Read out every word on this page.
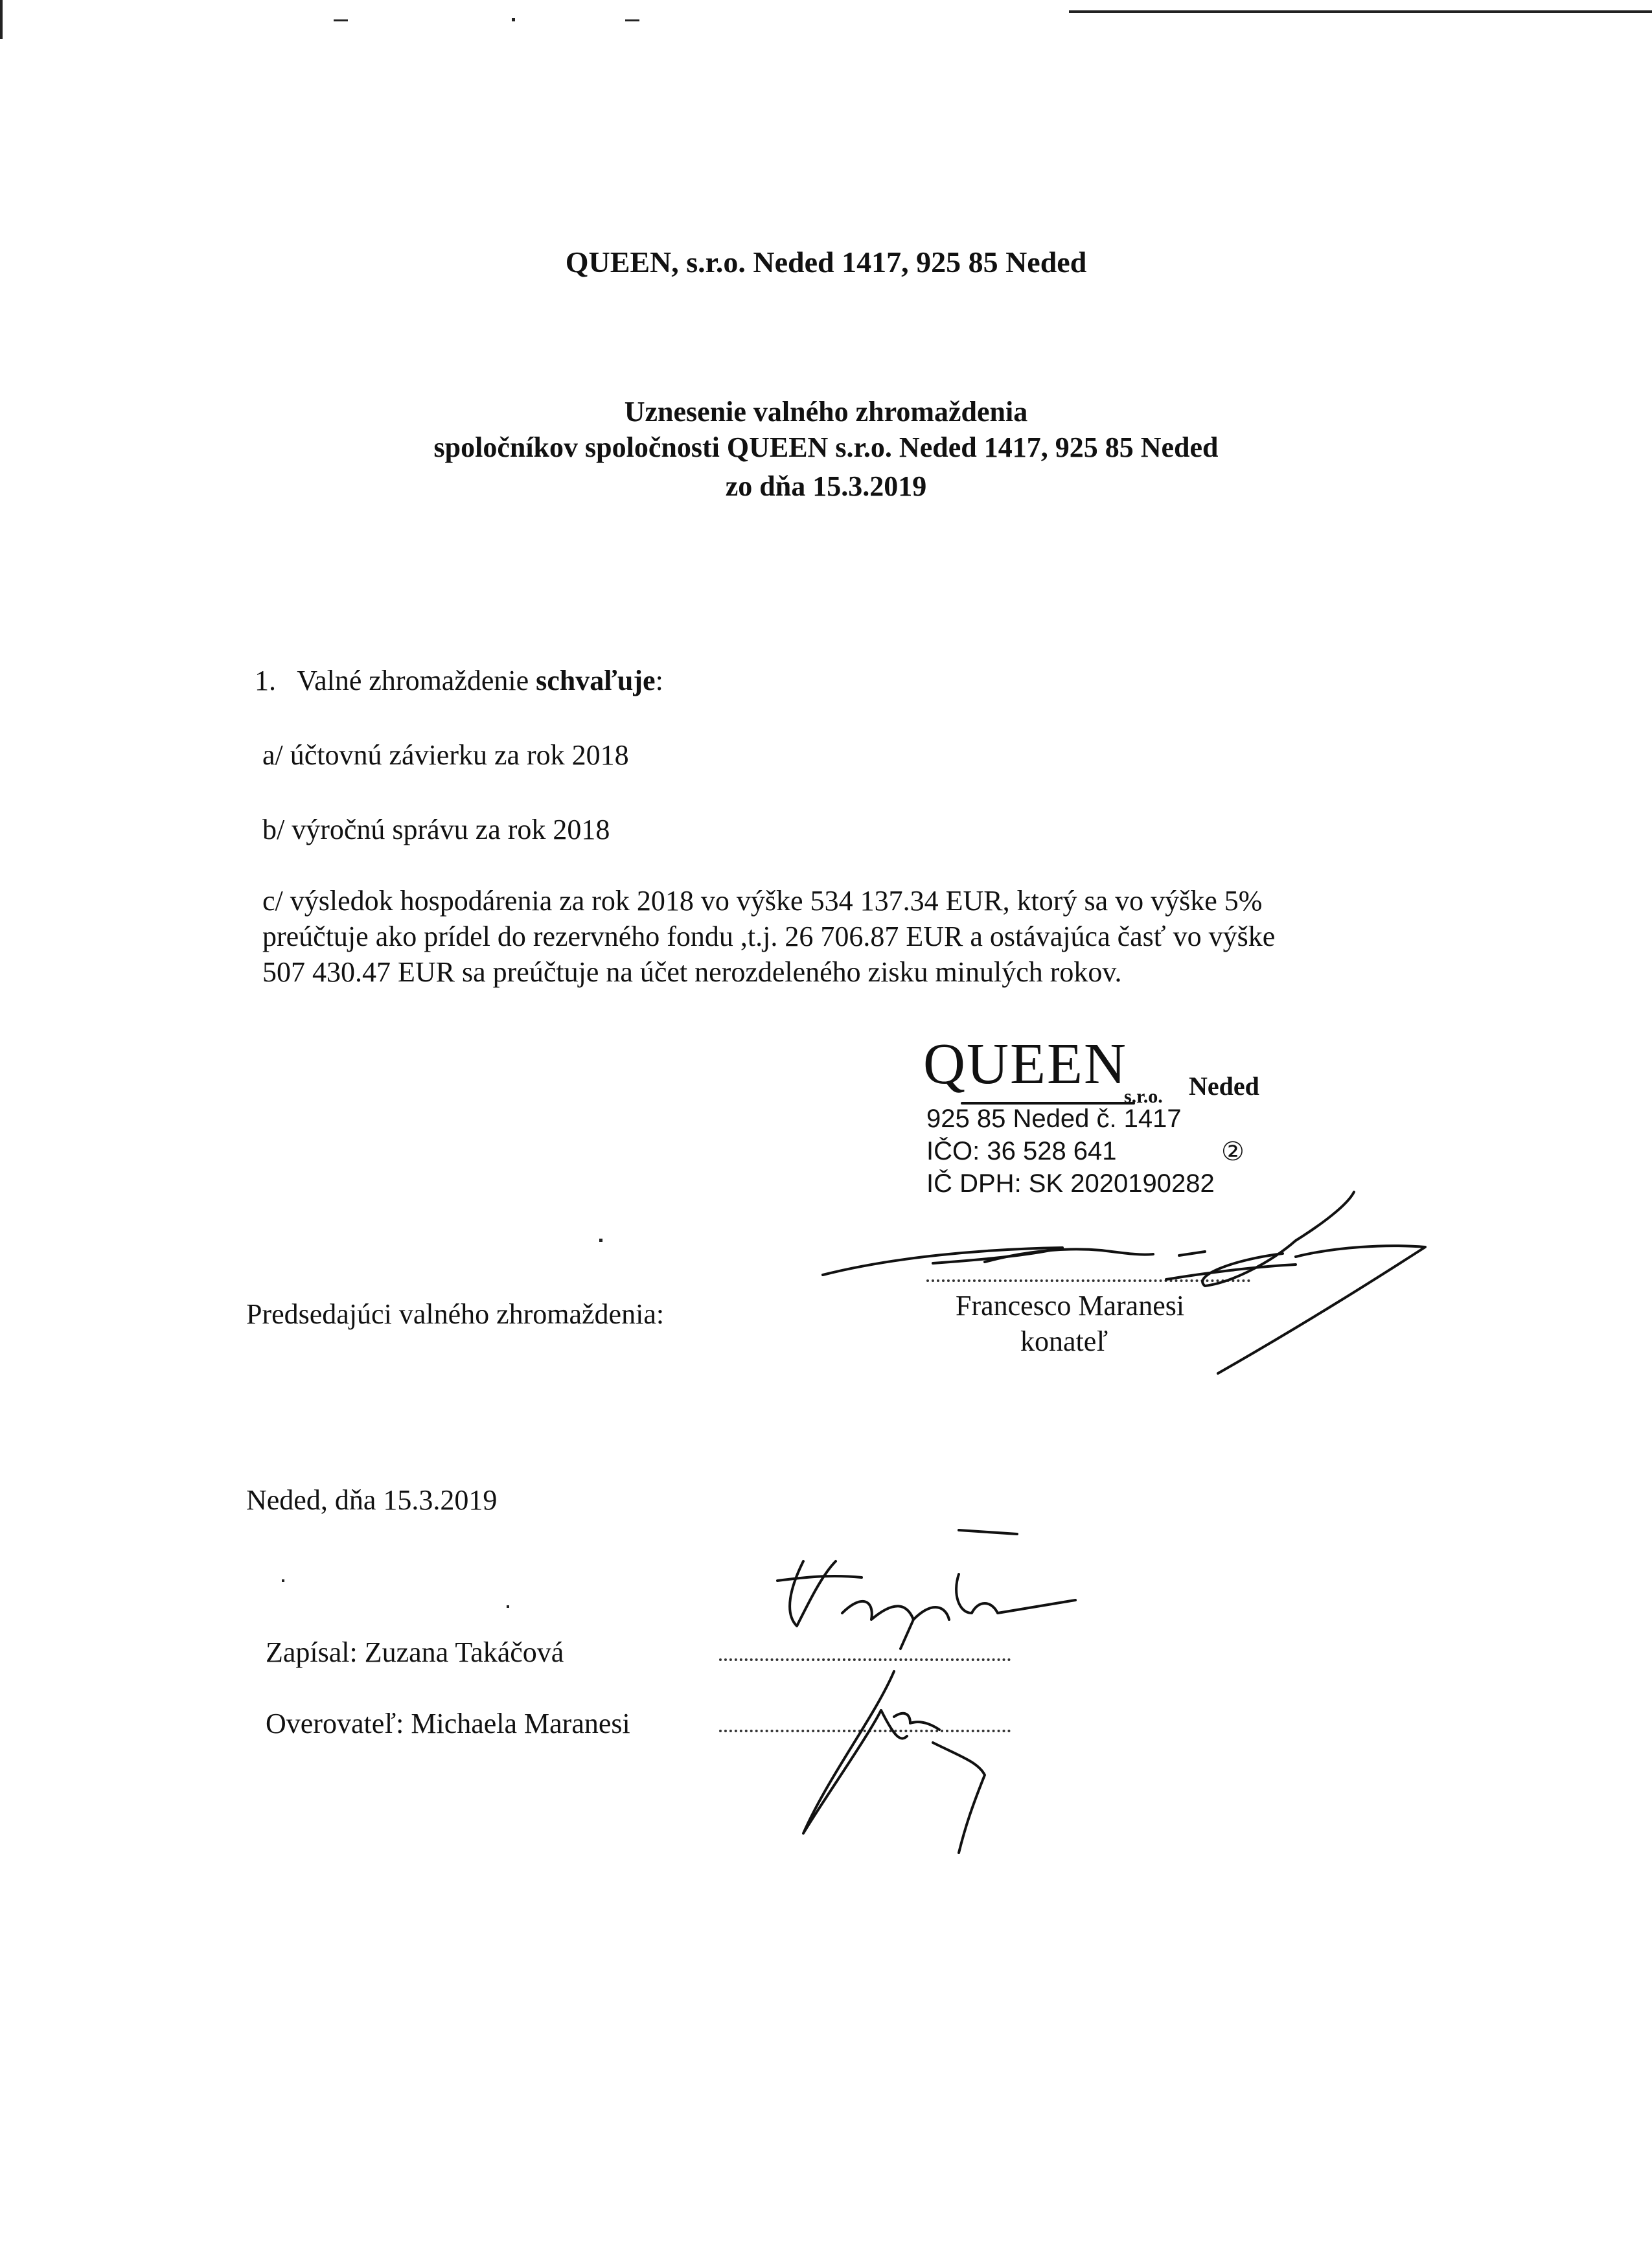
QUEEN, s.r.o. Neded 1417, 925 85 Neded
Uznesenie valného zhromaždenia
spoločníkov spoločnosti QUEEN s.r.o. Neded 1417, 925 85 Neded
zo dňa 15.3.2019
1. Valné zhromaždenie schvaľuje:
a/ účtovnú závierku za rok 2018
b/ výročnú správu za rok 2018
c/ výsledok hospodárenia za rok 2018 vo výške 534 137.34 EUR, ktorý sa vo výške 5%
preúčtuje ako prídel do rezervného fondu ,t.j. 26 706.87 EUR a ostávajúca časť vo výške
507 430.47 EUR sa preúčtuje na účet nerozdeleného zisku minulých rokov.
QUEEN
s.r.o. Neded
925 85 Neded č. 1417
IČO: 36 528 641	②
IČ DPH: SK 2020190282
Predsedajúci valného zhromaždenia:	Francesco Maranesi
konateľ
Neded, dňa 15.3.2019
Zapísal: Zuzana Takáčová
Overovateľ: Michaela Maranesi
